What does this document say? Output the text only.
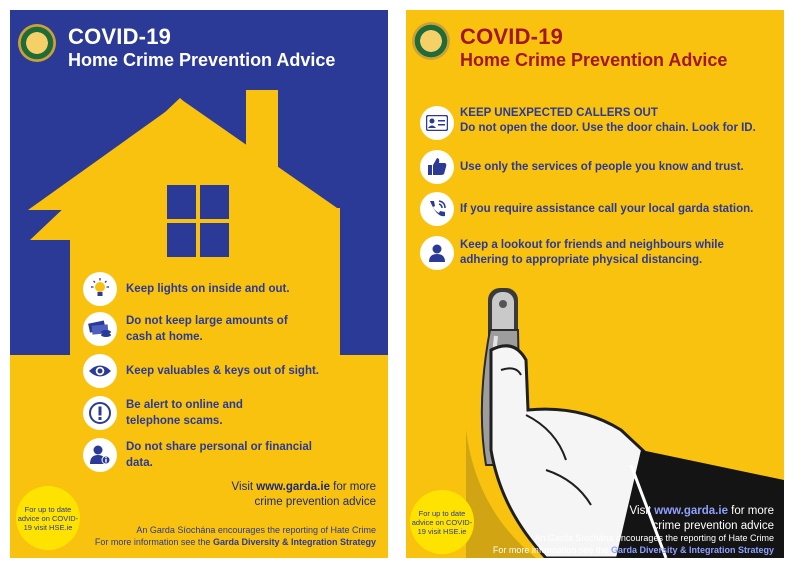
COVID-19
Home Crime Prevention Advice
Keep lights on inside and out.
Do not keep large amounts of cash at home.
Keep valuables & keys out of sight.
Be alert to online and telephone scams.
Do not share personal or financial data.
Visit www.garda.ie for more
crime prevention advice
An Garda Síochána encourages the reporting of Hate Crime
For more information see the Garda Diversity & Integration Strategy
For up to date advice on COVID-19 visit HSE.ie
COVID-19
Home Crime Prevention Advice
KEEP UNEXPECTED CALLERS OUT
Do not open the door. Use the door chain. Look for ID.
Use only the services of people you know and trust.
If you require assistance call your local garda station.
Keep a lookout for friends and neighbours while adhering to appropriate physical distancing.
Visit www.garda.ie for more
crime prevention advice
An Garda Síochána encourages the reporting of Hate Crime
For more information see the Garda Diversity & Integration Strategy
For up to date advice on COVID-19 visit HSE.ie
